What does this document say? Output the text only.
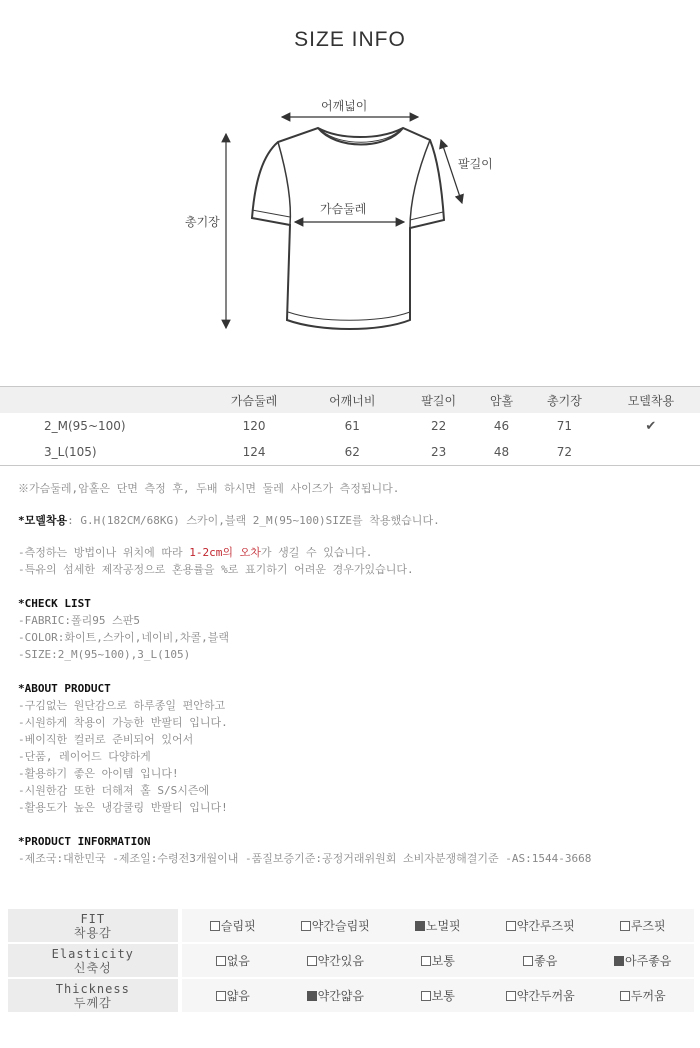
SIZE INFO
어깨넓이
팔길이
가슴둘레
총기장
	가슴둘레	어깨너비	팔길이	암홀	총기장	모델착용
2_M(95~100)	120	61	22	46	71	✔
3_L(105)	124	62	23	48	72	

※가슴둘레,암홀은 단면 측정 후, 두배 하시면 둘레 사이즈가 측정됩니다.

*모델착용: G.H(182CM/68KG) 스카이,블랙 2_M(95~100)SIZE를 착용했습니다.

-측정하는 방법이나 위치에 따라 1-2cm의 오차가 생길 수 있습니다.

-특유의 섬세한 제작공정으로 혼용률을 %로 표기하기 어려운 경우가있습니다.

*CHECK LIST

-FABRIC:폴리95 스판5

-COLOR:화이트,스카이,네이비,차콜,블랙

-SIZE:2_M(95~100),3_L(105)

*ABOUT PRODUCT

-구김없는 원단감으로 하루종일 편안하고

-시원하게 착용이 가능한 반팔티 입니다.

-베이직한 컬러로 준비되어 있어서

-단품, 레이어드 다양하게

-활용하기 좋은 아이템 입니다!

-시원한감 또한 더해져 홀 S/S시즌에

-활용도가 높은 냉감쿨링 반팔티 입니다!

*PRODUCT INFORMATION

-제조국:대한민국 -제조일:수령전3개월이내 -품질보증기준:공정거래위원회 소비자분쟁해결기준 -AS:1544-3668

FIT
착용감	슬림핏	약간슬림핏	노멀핏	약간루즈핏	루즈핏

Elasticity
신축성	없음	약간있음	보통	좋음	아주좋음

Thickness
두께감	얇음	약간얇음	보통	약간두꺼움	두꺼움
